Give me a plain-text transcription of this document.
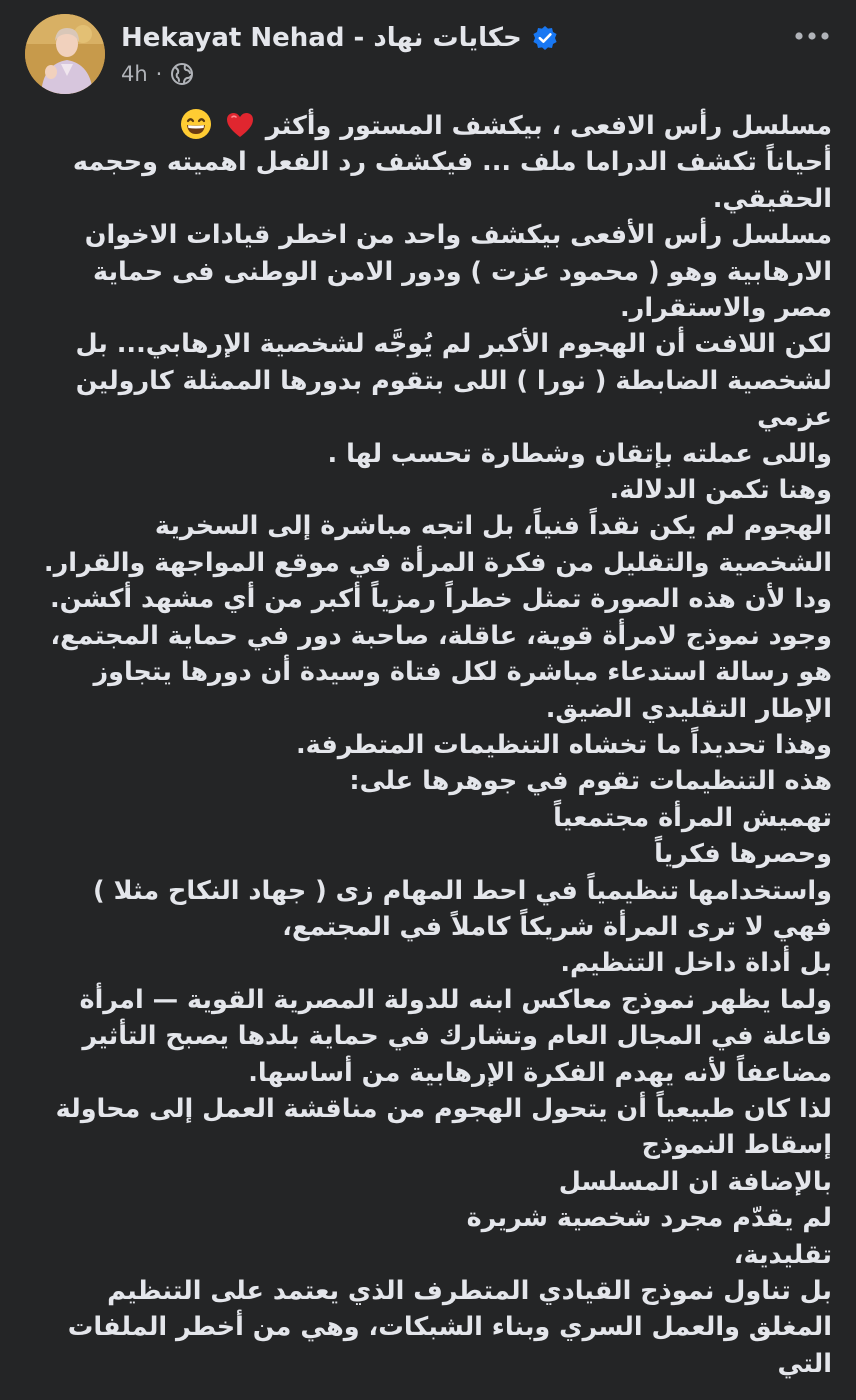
Hekayat Nehad - حكايات نهاد
4h ·

مسلسل رأس الافعى ، بيكشف المستور وأكثر

أحياناً تكشف الدراما ملف ... فيكشف رد الفعل اهميته وحجمه الحقيقي.

مسلسل رأس الأفعى بيكشف واحد من اخطر قيادات الاخوان الارهابية وهو ( محمود عزت ) ودور الامن الوطنى فى حماية مصر والاستقرار.

لكن اللافت أن الهجوم الأكبر لم يُوجَّه لشخصية الإرهابي... بل لشخصية الضابطة ( نورا ) اللى بتقوم بدورها الممثلة كارولين عزمي

واللى عملته بإتقان وشطارة تحسب لها .

وهنا تكمن الدلالة.

الهجوم لم يكن نقداً فنياً، بل اتجه مباشرة إلى السخرية الشخصية والتقليل من فكرة المرأة في موقع المواجهة والقرار.

ودا لأن هذه الصورة تمثل خطراً رمزياً أكبر من أي مشهد أكشن.

وجود نموذج لامرأة قوية، عاقلة، صاحبة دور في حماية المجتمع،

هو رسالة استدعاء مباشرة لكل فتاة وسيدة أن دورها يتجاوز الإطار التقليدي الضيق.

وهذا تحديداً ما تخشاه التنظيمات المتطرفة.

هذه التنظيمات تقوم في جوهرها على:

تهميش المرأة مجتمعياً

وحصرها فكرياً

واستخدامها تنظيمياً في احط المهام زى ( جهاد النكاح مثلا )

فهي لا ترى المرأة شريكاً كاملاً في المجتمع،

بل أداة داخل التنظيم.

ولما يظهر نموذج معاكس ابنه للدولة المصرية القوية — امرأة فاعلة في المجال العام وتشارك في حماية بلدها يصبح التأثير مضاعفاً لأنه يهدم الفكرة الإرهابية من أساسها.

لذا كان طبيعياً أن يتحول الهجوم من مناقشة العمل إلى محاولة إسقاط النموذج

بالإضافة ان المسلسل

لم يقدّم مجرد شخصية شريرة

تقليدية،

بل تناول نموذج القيادي المتطرف الذي يعتمد على التنظيم المغلق والعمل السري وبناء الشبكات، وهي من أخطر الملفات التي
